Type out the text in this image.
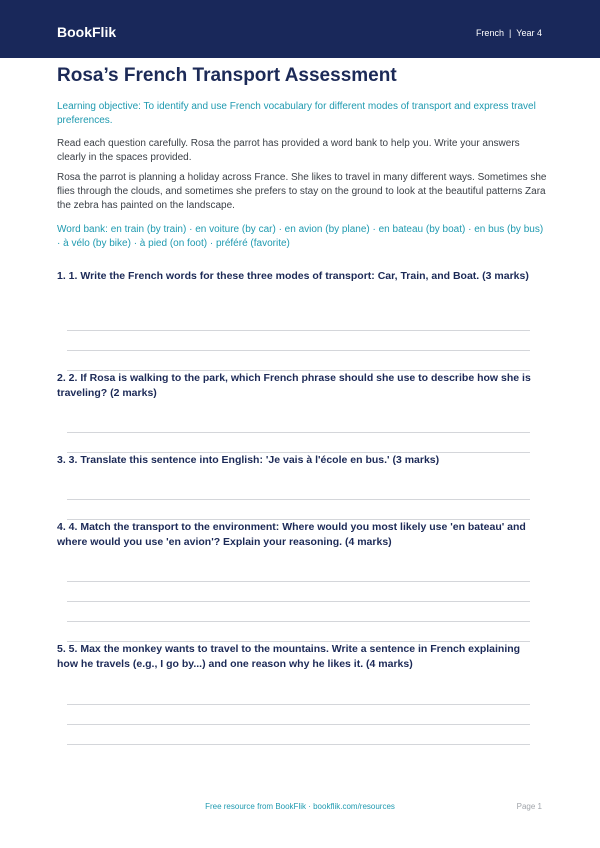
BookFlik	French | Year 4
Rosa’s French Transport Assessment

Learning objective: To identify and use French vocabulary for different modes of transport and express travel preferences.

Read each question carefully. Rosa the parrot has provided a word bank to help you. Write your answers clearly in the spaces provided.

Rosa the parrot is planning a holiday across France. She likes to travel in many different ways. Sometimes she flies through the clouds, and sometimes she prefers to stay on the ground to look at the beautiful patterns Zara the zebra has painted on the landscape.

Word bank: en train (by train) · en voiture (by car) · en avion (by plane) · en bateau (by boat) · en bus (by bus) · à vélo (by bike) · à pied (on foot) · préféré (favorite)

1. 1. Write the French words for these three modes of transport: Car, Train, and Boat. (3 marks)

2. 2. If Rosa is walking to the park, which French phrase should she use to describe how she is traveling? (2 marks)

3. 3. Translate this sentence into English: 'Je vais à l'école en bus.' (3 marks)

4. 4. Match the transport to the environment: Where would you most likely use 'en bateau' and where would you use 'en avion'? Explain your reasoning. (4 marks)

5. 5. Max the monkey wants to travel to the mountains. Write a sentence in French explaining how he travels (e.g., I go by...) and one reason why he likes it. (4 marks)

Free resource from BookFlik · bookflik.com/resources	Page 1
